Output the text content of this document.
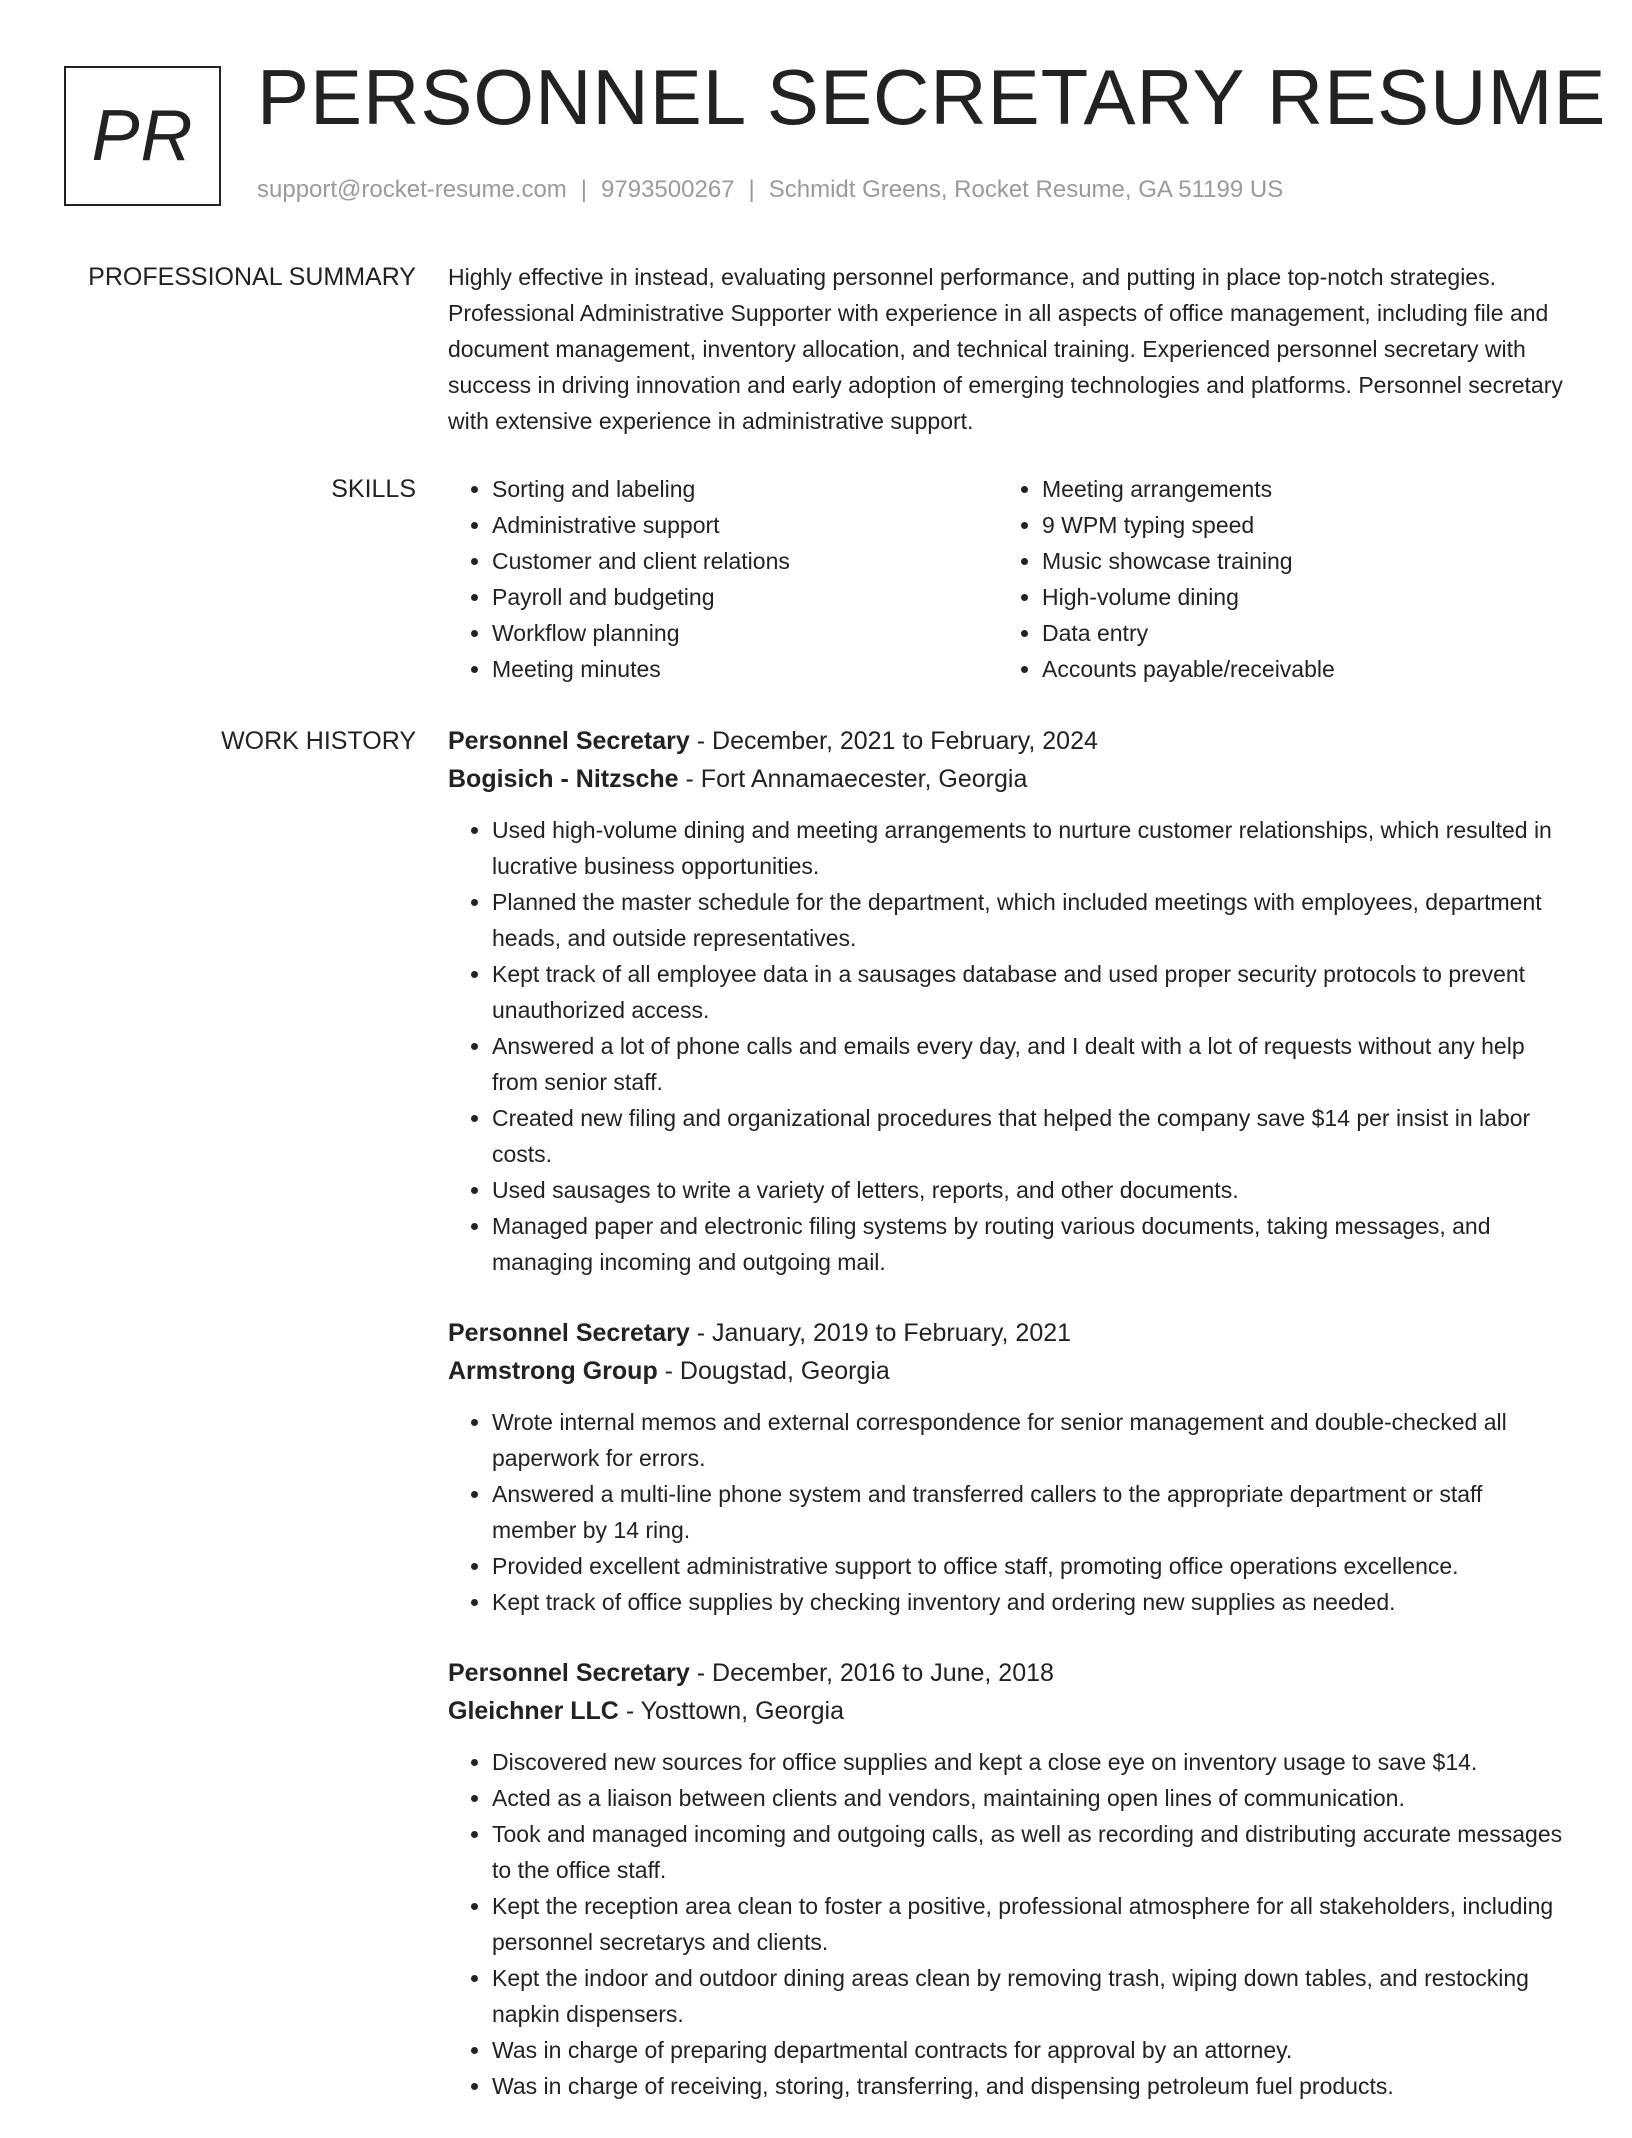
PR PERSONNEL SECRETARY RESUME
support@rocket-resume.com | 9793500267 | Schmidt Greens, Rocket Resume, GA 51199 US
PROFESSIONAL SUMMARY Highly effective in instead, evaluating personnel performance, and putting in place top-notch strategies. Professional Administrative Supporter with experience in all aspects of office management, including file and document management, inventory allocation, and technical training. Experienced personnel secretary with success in driving innovation and early adoption of emerging technologies and platforms. Personnel secretary with extensive experience in administrative support.

SKILLS
•	Sorting and labeling
• Administrative support
• Customer and client relations
• Payroll and budgeting
• Workflow planning
• Meeting minutes
• Meeting arrangements
• 9 WPM typing speed
• Music showcase training
• High-volume dining
• Data entry
• Accounts payable/receivable
WORK HISTORY Personnel Secretary - December, 2021 to February, 2024
Bogisich - Nitzsche - Fort Annamaecester, Georgia
• Used high-volume dining and meeting arrangements to nurture customer relationships, which resulted in lucrative business opportunities.
• Planned the master schedule for the department, which included meetings with employees, department heads, and outside representatives.
• Kept track of all employee data in a sausages database and used proper security protocols to prevent unauthorized access.
• Answered a lot of phone calls and emails every day, and I dealt with a lot of requests without any help from senior staff.
• Created new filing and organizational procedures that helped the company save $14 per insist in labor costs.
• Used sausages to write a variety of letters, reports, and other documents.
• Managed paper and electronic filing systems by routing various documents, taking messages, and managing incoming and outgoing mail.
Personnel Secretary - January, 2019 to February, 2021
Armstrong Group - Dougstad, Georgia
• Wrote internal memos and external correspondence for senior management and double-checked all paperwork for errors.
• Answered a multi-line phone system and transferred callers to the appropriate department or staff member by 14 ring.
• Provided excellent administrative support to office staff, promoting office operations excellence.
• Kept track of office supplies by checking inventory and ordering new supplies as needed.
Personnel Secretary - December, 2016 to June, 2018
Gleichner LLC - Yosttown, Georgia
• Discovered new sources for office supplies and kept a close eye on inventory usage to save $14.
• Acted as a liaison between clients and vendors, maintaining open lines of communication.
• Took and managed incoming and outgoing calls, as well as recording and distributing accurate messages to the office staff.
• Kept the reception area clean to foster a positive, professional atmosphere for all stakeholders, including personnel secretarys and clients.
• Kept the indoor and outdoor dining areas clean by removing trash, wiping down tables, and restocking napkin dispensers.
• Was in charge of preparing departmental contracts for approval by an attorney.
• Was in charge of receiving, storing, transferring, and dispensing petroleum fuel products.
